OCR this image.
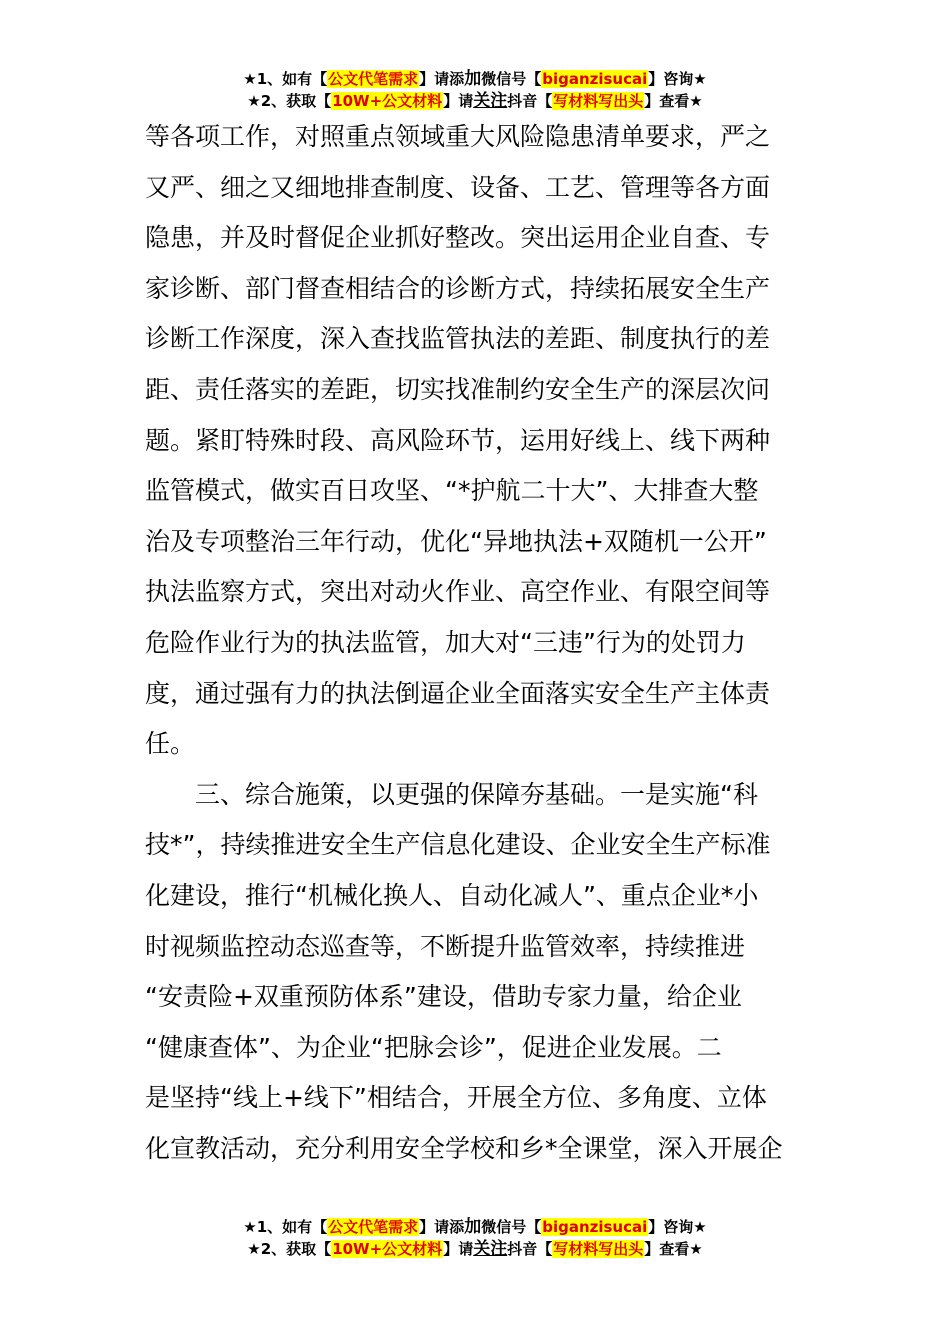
★1、如有【公文代笔需求】请添加微信号【biganzisucai】咨询★
★2、获取【10W+公文材料】请关注抖音【写材料写出头】查看★
等各项工作，对照重点领域重大风险隐患清单要求，严之
又严、细之又细地排查制度、设备、工艺、管理等各方面
隐患，并及时督促企业抓好整改。突出运用企业自查、专
家诊断、部门督查相结合的诊断方式，持续拓展安全生产
诊断工作深度，深入查找监管执法的差距、制度执行的差
距、责任落实的差距，切实找准制约安全生产的深层次问
题。紧盯特殊时段、高风险环节，运用好线上、线下两种
监管模式，做实百日攻坚、“*护航二十大”、大排查大整
治及专项整治三年行动，优化“异地执法+双随机一公开”
执法监察方式，突出对动火作业、高空作业、有限空间等
危险作业行为的执法监管，加大对“三违”行为的处罚力
度，通过强有力的执法倒逼企业全面落实安全生产主体责
任。
　　三、综合施策，以更强的保障夯基础。一是实施“科
技*”，持续推进安全生产信息化建设、企业安全生产标准
化建设，推行“机械化换人、自动化减人”、重点企业*小
时视频监控动态巡查等，不断提升监管效率，持续推进
“安责险+双重预防体系”建设，借助专家力量，给企业
“健康查体”、为企业“把脉会诊”，促进企业发展。二
是坚持“线上+线下”相结合，开展全方位、多角度、立体
化宣教活动，充分利用安全学校和乡*全课堂，深入开展企
★1、如有【公文代笔需求】请添加微信号【biganzisucai】咨询★
★2、获取【10W+公文材料】请关注抖音【写材料写出头】查看★
